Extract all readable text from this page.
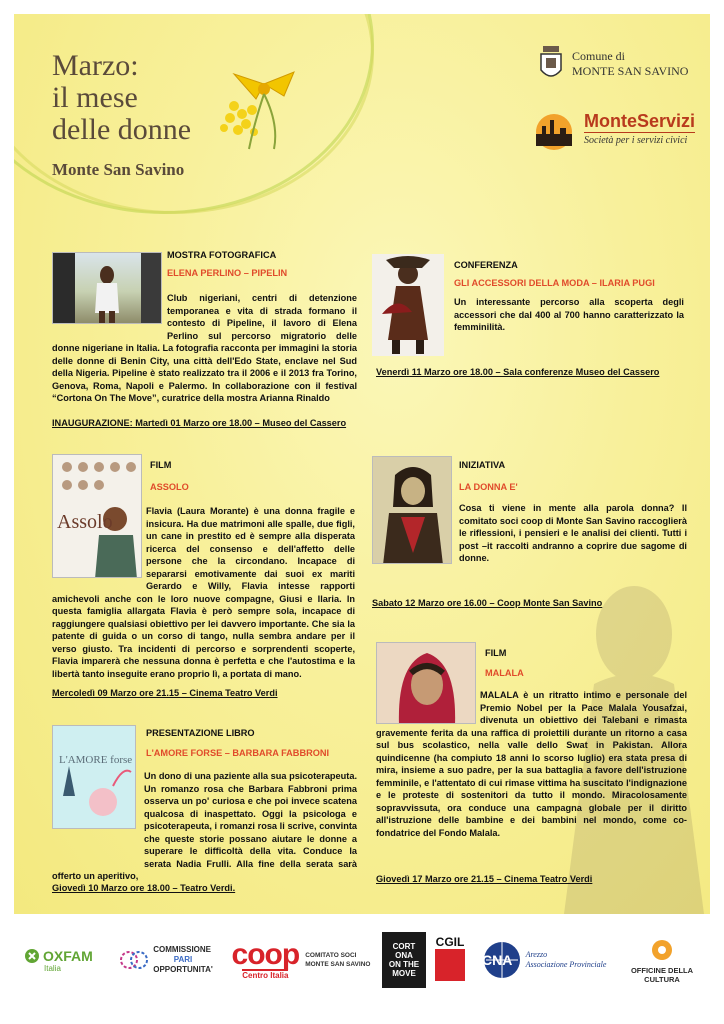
Marzo:
il mese
delle donne
Monte San Savino
Comune di
MONTE SAN SAVINO
MonteServizi
Società per i servizi civici
MOSTRA FOTOGRAFICA
ELENA PERLINO – PIPELIN
Club nigeriani, centri di detenzione temporanea e vita di strada formano il contesto di Pipeline, il lavoro di Elena Perlino sul percorso migratorio delle donne nigeriane in Italia. La fotografia racconta per immagini la storia delle donne di Benin City, una città dell'Edo State, enclave nel Sud della Nigeria. Pipeline è stato realizzato tra il 2006 e il 2013 fra Torino, Genova, Roma, Napoli e Palermo. In collaborazione con il festival “Cortona On The Move”, curatrice della mostra Arianna Rinaldo
INAUGURAZIONE: Martedì 01 Marzo ore 18.00 – Museo del Cassero
CONFERENZA
GLI ACCESSORI DELLA MODA – ILARIA PUGI
Un interessante percorso alla scoperta degli accessori che dal 400 al 700 hanno caratterizzato la femminilità.
Venerdì 11 Marzo ore 18.00 – Sala conferenze Museo del Cassero
Assolo
FILM
ASSOLO
Flavia (Laura Morante) è una donna fragile e insicura. Ha due matrimoni alle spalle, due figli, un cane in prestito ed è sempre alla disperata ricerca del consenso e dell'affetto delle persone che la circondano. Incapace di separarsi emotivamente dai suoi ex mariti Gerardo e Willy, Flavia intesse rapporti amichevoli anche con le loro nuove compagne, Giusi e Ilaria. In questa famiglia allargata Flavia è però sempre sola, incapace di raggiungere qualsiasi obiettivo per lei davvero importante. Che sia la patente di guida o un corso di tango, nulla sembra andare per il verso giusto. Tra incidenti di percorso e sorprendenti scoperte, Flavia imparerà che nessuna donna è perfetta e che l'autostima e la libertà tanto inseguite erano proprio lì, a portata di mano.
Mercoledì 09 Marzo ore 21.15 – Cinema Teatro Verdi
INIZIATIVA
LA DONNA E'
Cosa ti viene in mente alla parola donna? Il comitato soci coop di Monte San Savino raccoglierà le riflessioni, i pensieri e le analisi dei clienti. Tutti i post –it raccolti andranno a coprire due sagome di donne.
Sabato 12 Marzo ore 16.00 – Coop Monte San Savino
L'AMORE forse
PRESENTAZIONE LIBRO
L'AMORE FORSE – BARBARA FABBRONI
Un dono di una paziente alla sua psicoterapeuta. Un romanzo rosa che Barbara Fabbroni prima osserva un po' curiosa e che poi invece scatena qualcosa di inaspettato. Oggi la psicologa e psicoterapeuta, i romanzi rosa li scrive, convinta che queste storie possano aiutare le donne a superare le difficoltà della vita. Conduce la serata Nadia Frulli. Alla fine della serata sarà offerto un aperitivo,
Giovedì 10 Marzo ore 18.00 – Teatro Verdi.
FILM
MALALA
MALALA è un ritratto intimo e personale del Premio Nobel per la Pace Malala Yousafzai, divenuta un obiettivo dei Talebani e rimasta gravemente ferita da una raffica di proiettili durante un ritorno a casa sul bus scolastico, nella valle dello Swat in Pakistan. Allora quindicenne (ha compiuto 18 anni lo scorso luglio) era stata presa di mira, insieme a suo padre, per la sua battaglia a favore dell'istruzione femminile, e l'attentato di cui rimase vittima ha suscitato l'indignazione e le proteste di sostenitori da tutto il mondo. Miracolosamente sopravvissuta, ora conduce una campagna globale per il diritto all'istruzione delle bambine e dei bambini nel mondo, come co-fondatrice del Fondo Malala.
Giovedì 17 Marzo ore 21.15 – Cinema Teatro Verdi
OXFAM
Italia
COMMISSIONE
PARI
OPPORTUNITA' coop
Centro Italia
COMITATO SOCI
MONTE SAN SAVINO
CORT
ONA
ON THE
MOVE
CGIL
CNA Arezzo
Associazione Provinciale
OFFICINE DELLA CULTURA
